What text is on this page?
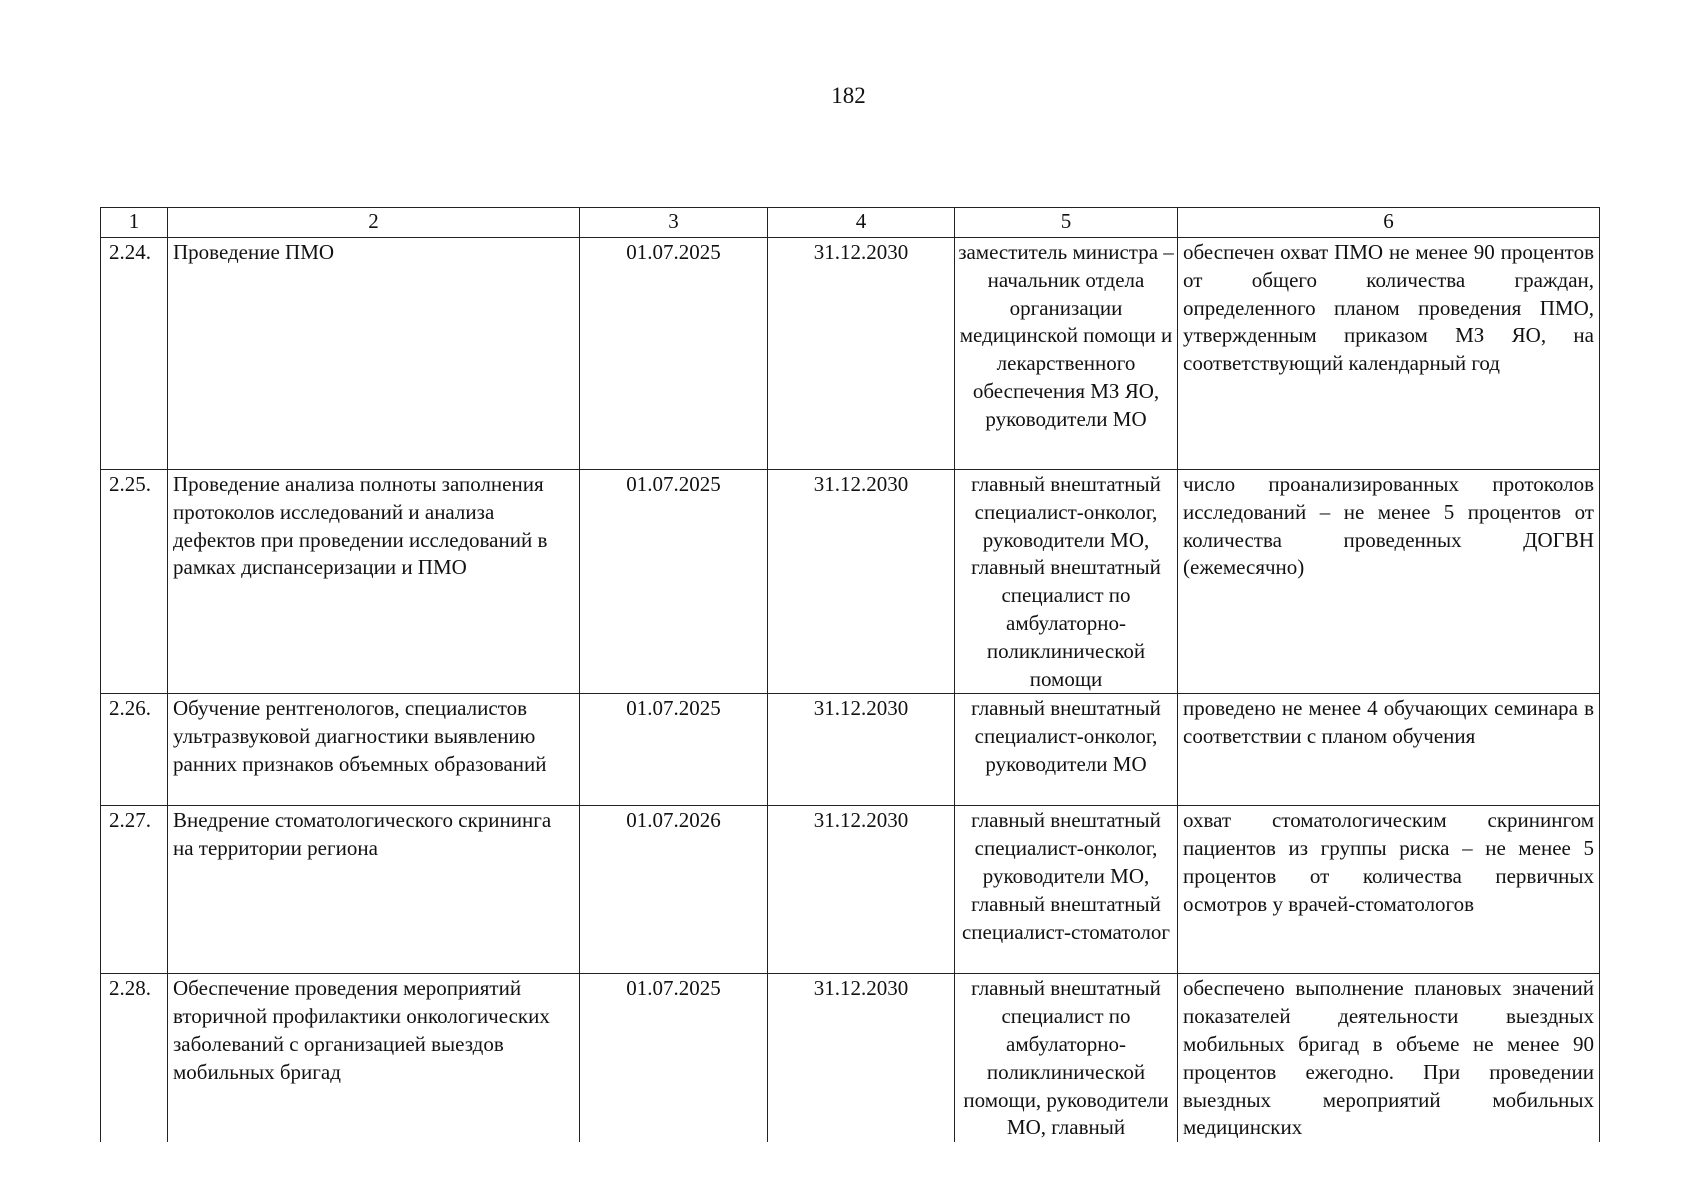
182
1	2	3	4	5	6
2.24.	Проведение ПМО	01.07.2025	31.12.2030	заместитель министра – начальник отдела организации медицинской помощи и лекарственного обеспечения МЗ ЯО, руководители МО	обеспечен охват ПМО не менее 90 процентов от общего количества граждан, определенного планом проведения ПМО, утвержденным приказом МЗ ЯО, на соответствующий календарный год
2.25.	Проведение анализа полноты заполнения протоколов исследований и анализа дефектов при проведении исследований в рамках диспансеризации и ПМО	01.07.2025	31.12.2030	главный внештатный специалист-онколог, руководители МО, главный внештатный специалист по амбулаторно-поликлинической помощи	число проанализированных протоколов исследований – не менее 5 процентов от количества проведенных ДОГВН (ежемесячно)
2.26.	Обучение рентгенологов, специалистов ультразвуковой диагностики выявлению ранних признаков объемных образований	01.07.2025	31.12.2030	главный внештатный специалист-онколог, руководители МО	проведено не менее 4 обучающих семинара в соответствии с планом обучения
2.27.	Внедрение стоматологического скрининга на территории региона	01.07.2026	31.12.2030	главный внештатный специалист-онколог, руководители МО, главный внештатный специалист-стоматолог	охват стоматологическим скринингом пациентов из группы риска – не менее 5 процентов от количества первичных осмотров у врачей-стоматологов
2.28.	Обеспечение проведения мероприятий вторичной профилактики онкологических заболеваний с организацией выездов мобильных бригад	01.07.2025	31.12.2030	главный внештатный специалист по амбулаторно-поликлинической помощи, руководители МО, главный	обеспечено выполнение плановых значений показателей деятельности выездных мобильных бригад в объеме не менее 90 процентов ежегодно. При проведении выездных мероприятий мобильных медицинских
